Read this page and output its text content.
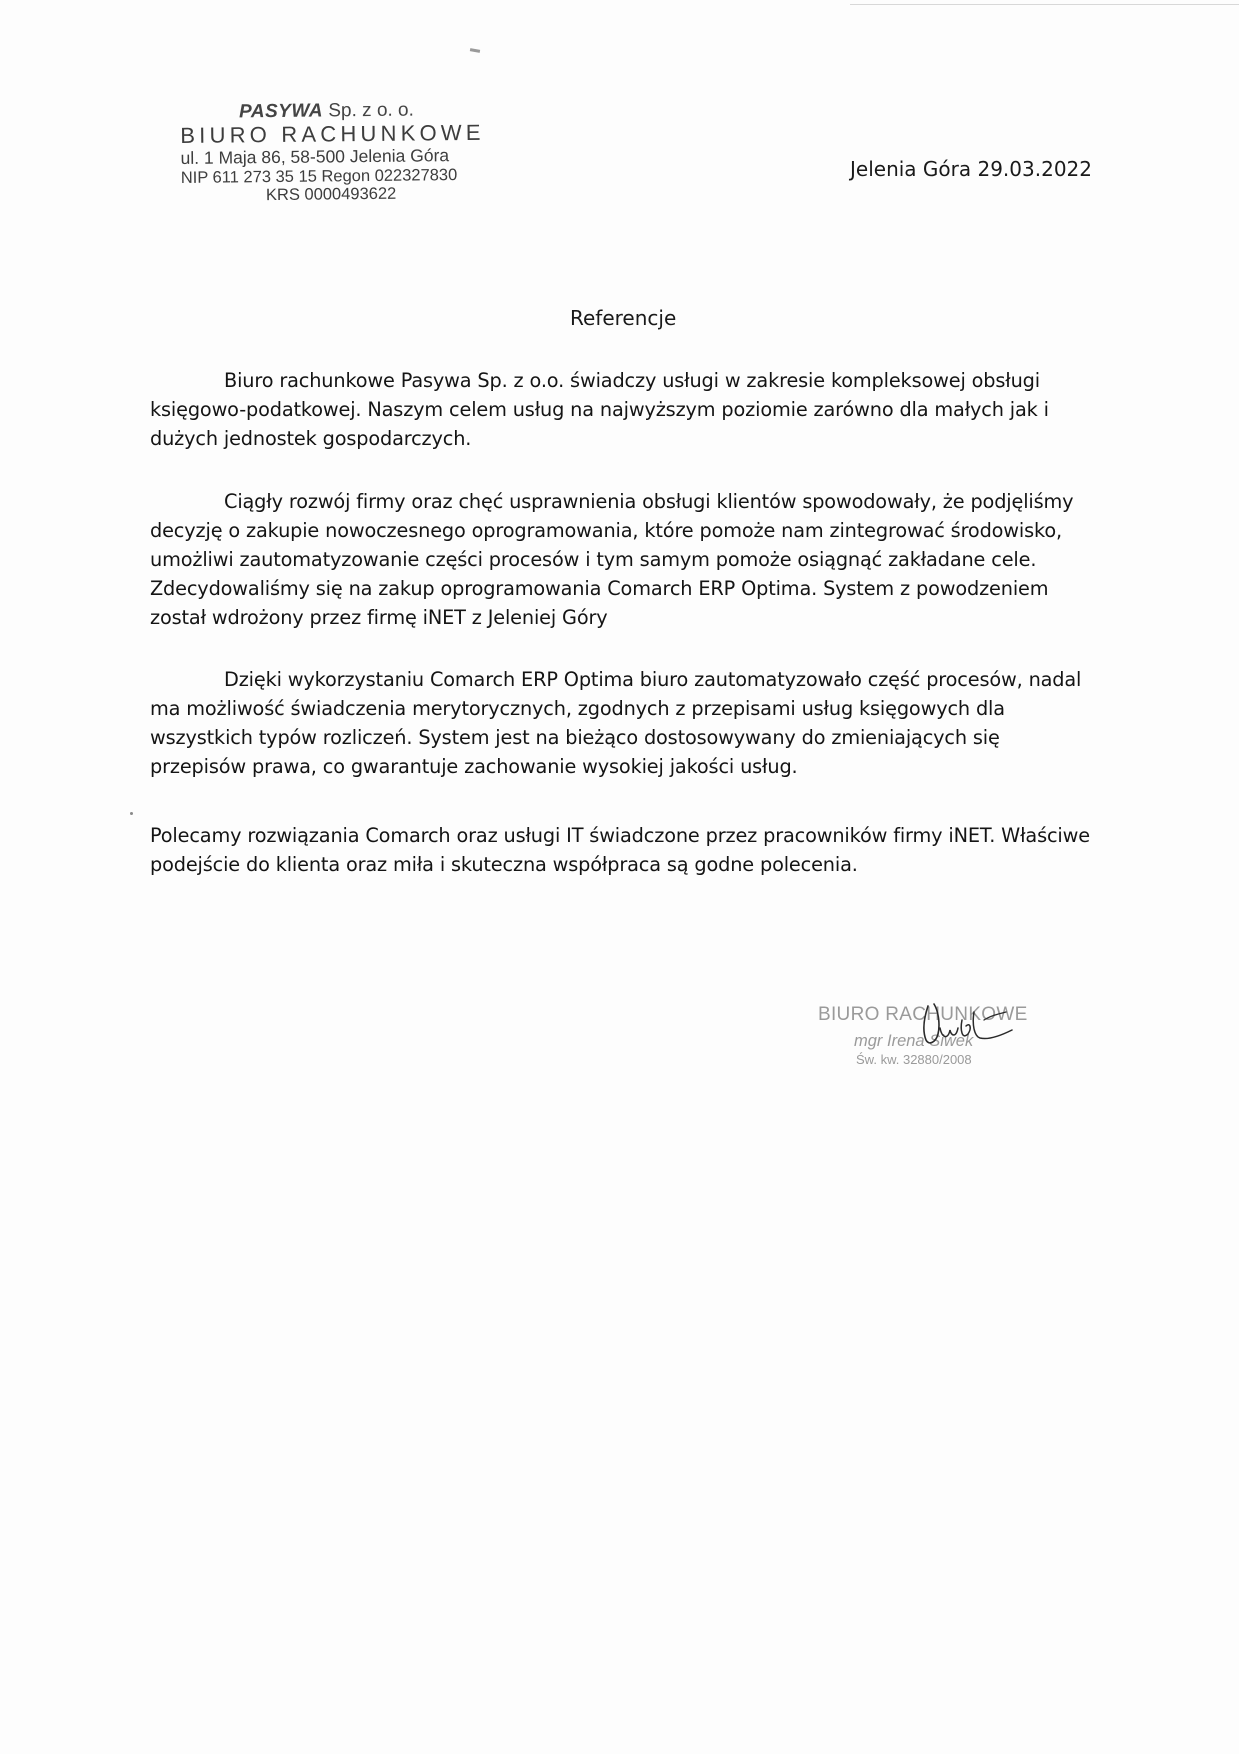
PASYWA Sp. z o. o.
BIURO RACHUNKOWE
ul. 1 Maja 86, 58-500 Jelenia Góra
NIP 611 273 35 15 Regon 022327830
KRS 0000493622
Jelenia Góra 29.03.2022
Referencje
Biuro rachunkowe Pasywa Sp. z o.o. świadczy usługi w zakresie kompleksowej obsługi księgowo-podatkowej. Naszym celem usług na najwyższym poziomie zarówno dla małych jak i dużych jednostek gospodarczych.
Ciągły rozwój firmy oraz chęć usprawnienia obsługi klientów spowodowały, że podjęliśmy decyzję o zakupie nowoczesnego oprogramowania, które pomoże nam zintegrować środowisko, umożliwi zautomatyzowanie części procesów i tym samym pomoże osiągnąć zakładane cele. Zdecydowaliśmy się na zakup oprogramowania Comarch ERP Optima. System z powodzeniem został wdrożony przez firmę iNET z Jeleniej Góry
Dzięki wykorzystaniu Comarch ERP Optima biuro zautomatyzowało część procesów, nadal ma możliwość świadczenia merytorycznych, zgodnych z przepisami usług księgowych dla wszystkich typów rozliczeń. System jest na bieżąco dostosowywany do zmieniających się przepisów prawa, co gwarantuje zachowanie wysokiej jakości usług.
Polecamy rozwiązania Comarch oraz usługi IT świadczone przez pracowników firmy iNET. Właściwe podejście do klienta oraz miła i skuteczna współpraca są godne polecenia.
BIURO RACHUNKOWE
mgr Irena Siwek
Św. kw. 32880/2008
